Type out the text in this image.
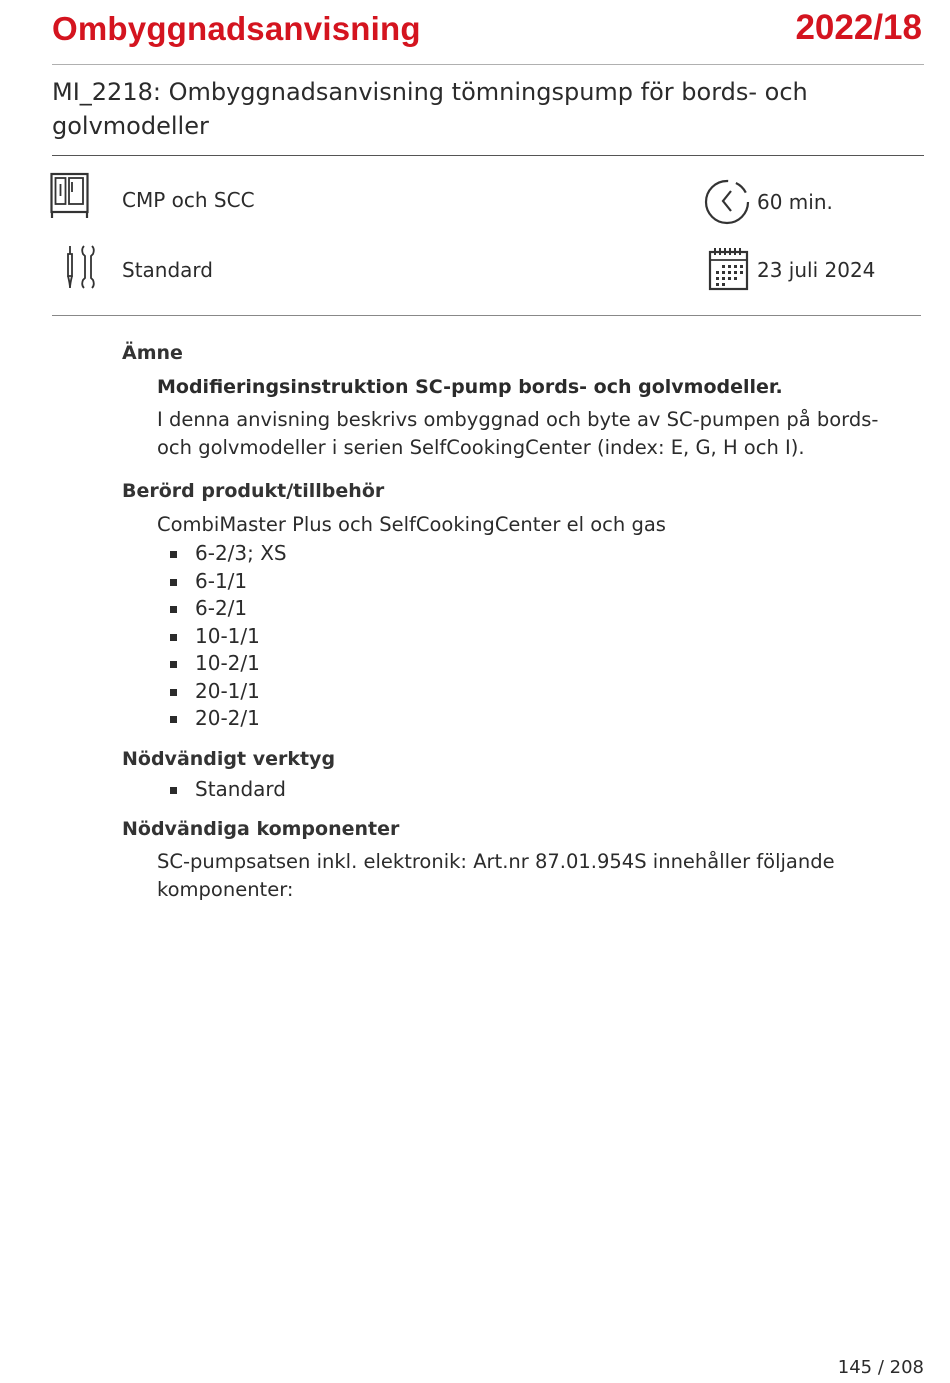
Ombyggnadsanvisning	2022/18
MI_2218: Ombyggnadsanvisning tömningspump för bords- och golvmodeller
CMP och SCC
Standard
60 min.
23 juli 2024
Ämne
Modifieringsinstruktion SC-pump bords- och golvmodeller.
I denna anvisning beskrivs ombyggnad och byte av SC-pumpen på bords- och golvmodeller i serien SelfCookingCenter (index: E, G, H och I).
Berörd produkt/tillbehör
CombiMaster Plus och SelfCookingCenter el och gas
6-2/3; XS
6-1/1
6-2/1
10-1/1
10-2/1
20-1/1
20-2/1
Nödvändigt verktyg
Standard
Nödvändiga komponenter
SC-pumpsatsen inkl. elektronik: Art.nr 87.01.954S innehåller följande komponenter:
145 / 208
